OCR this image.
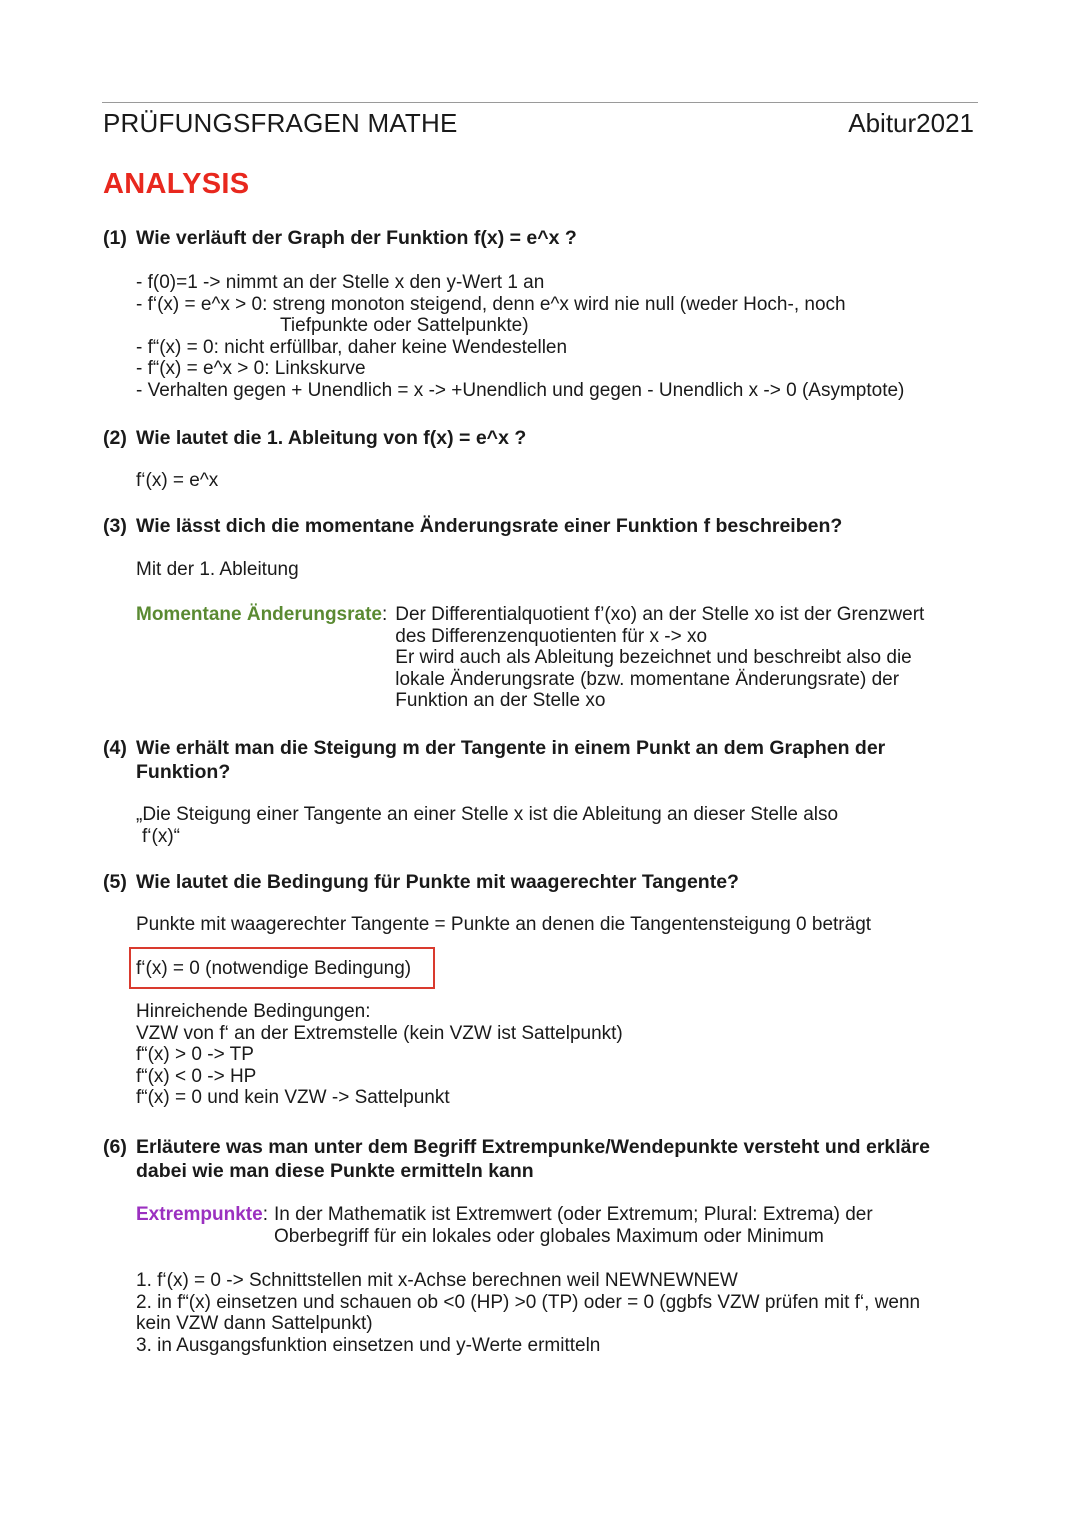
PRÜFUNGSFRAGEN MATHE	Abitur2021
ANALYSIS
(1) Wie verläuft der Graph der Funktion f(x) = e^x ?
- f(0)=1 -> nimmt an der Stelle x den y-Wert 1 an
- f‘(x) = e^x > 0: streng monoton steigend, denn e^x wird nie null (weder Hoch-, noch
Tiefpunkte oder Sattelpunkte)
- f“(x) = 0: nicht erfüllbar, daher keine Wendestellen
- f“(x) = e^x > 0: Linkskurve
- Verhalten gegen + Unendlich = x -> +Unendlich und gegen - Unendlich x -> 0 (Asymptote)
(2) Wie lautet die 1. Ableitung von f(x) = e^x ?
f‘(x) = e^x
(3) Wie lässt dich die momentane Änderungsrate einer Funktion f beschreiben?
Mit der 1. Ableitung
Momentane Änderungsrate : Der Differentialquotient f’(xo) an der Stelle xo ist der Grenzwert
des Differenzenquotienten für x -> xo
Er wird auch als Ableitung bezeichnet und beschreibt also die
lokale Änderungsrate (bzw. momentane Änderungsrate) der
Funktion an der Stelle xo
(4) Wie erhält man die Steigung m der Tangente in einem Punkt an dem Graphen der Funktion?
„Die Steigung einer Tangente an einer Stelle x ist die Ableitung an dieser Stelle also
f‘(x)“
(5) Wie lautet die Bedingung für Punkte mit waagerechter Tangente?
Punkte mit waagerechter Tangente = Punkte an denen die Tangentensteigung 0 beträgt
f‘(x) = 0 (notwendige Bedingung)
Hinreichende Bedingungen:
VZW von f‘ an der Extremstelle (kein VZW ist Sattelpunkt)
f“(x) > 0 -> TP
f“(x) < 0 -> HP
f“(x) = 0 und kein VZW -> Sattelpunkt
(6) Erläutere was man unter dem Begriff Extrempunke/Wendepunkte versteht und erkläre dabei wie man diese Punkte ermitteln kann
Extrempunkte : In der Mathematik ist Extremwert (oder Extremum; Plural: Extrema) der
Oberbegriff für ein lokales oder globales Maximum oder Minimum
1. f‘(x) = 0 -> Schnittstellen mit x-Achse berechnen weil NEWNEWNEW
2. in f“(x) einsetzen und schauen ob <0 (HP) >0 (TP) oder = 0 (ggbfs VZW prüfen mit f‘, wenn
kein VZW dann Sattelpunkt)
3. in Ausgangsfunktion einsetzen und y-Werte ermitteln
